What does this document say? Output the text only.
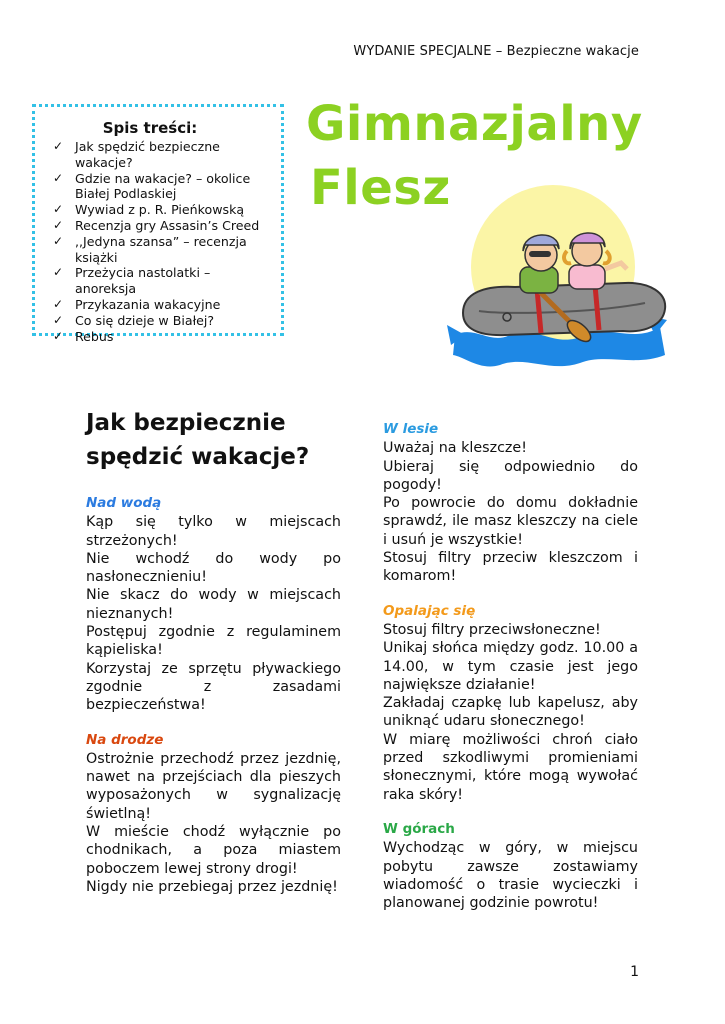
WYDANIE SPECJALNE – Bezpieczne wakacje
Spis treści:
✓ Jak spędzić bezpieczne wakacje?
✓ Gdzie na wakacje? – okolice Białej Podlaskiej
✓ Wywiad z p. R. Pieńkowską
✓ Recenzja gry Assasin’s Creed
✓ ,,Jedyna szansa” – recenzja książki
✓ Przeżycia nastolatki – anoreksja
✓ Przykazania wakacyjne
✓ Co się dzieje w Białej?
✓ Rebus
Gimnazjalny
Flesz
Jak bezpiecznie spędzić wakacje?
Nad wodą
Kąp się tylko w miejscach strzeżonych!
Nie wchodź do wody po nasłonecznieniu!
Nie skacz do wody w miejscach nieznanych!
Postępuj zgodnie z regulaminem kąpieliska!
Korzystaj ze sprzętu pływackiego zgodnie z zasadami bezpieczeństwa!
Na drodze
Ostrożnie przechodź przez jezdnię, nawet na przejściach dla pieszych wyposażonych w sygnalizację świetlną!
W mieście chodź wyłącznie po chodnikach, a poza miastem poboczem lewej strony drogi!
Nigdy nie przebiegaj przez jezdnię!
W lesie
Uważaj na kleszcze!
Ubieraj się odpowiednio do pogody!
Po powrocie do domu dokładnie sprawdź, ile masz kleszczy na ciele i usuń je wszystkie!
Stosuj filtry przeciw kleszczom i komarom!
Opalając się
Stosuj filtry przeciwsłoneczne!
Unikaj słońca między godz. 10.00 a 14.00, w tym czasie jest jego największe działanie!
Zakładaj czapkę lub kapelusz, aby uniknąć udaru słonecznego!
W miarę możliwości chroń ciało przed szkodliwymi promieniami słonecznymi, które mogą wywołać raka skóry!
W górach
Wychodząc w góry, w miejscu pobytu zawsze zostawiamy wiadomość o trasie wycieczki i planowanej godzinie powrotu!
1
